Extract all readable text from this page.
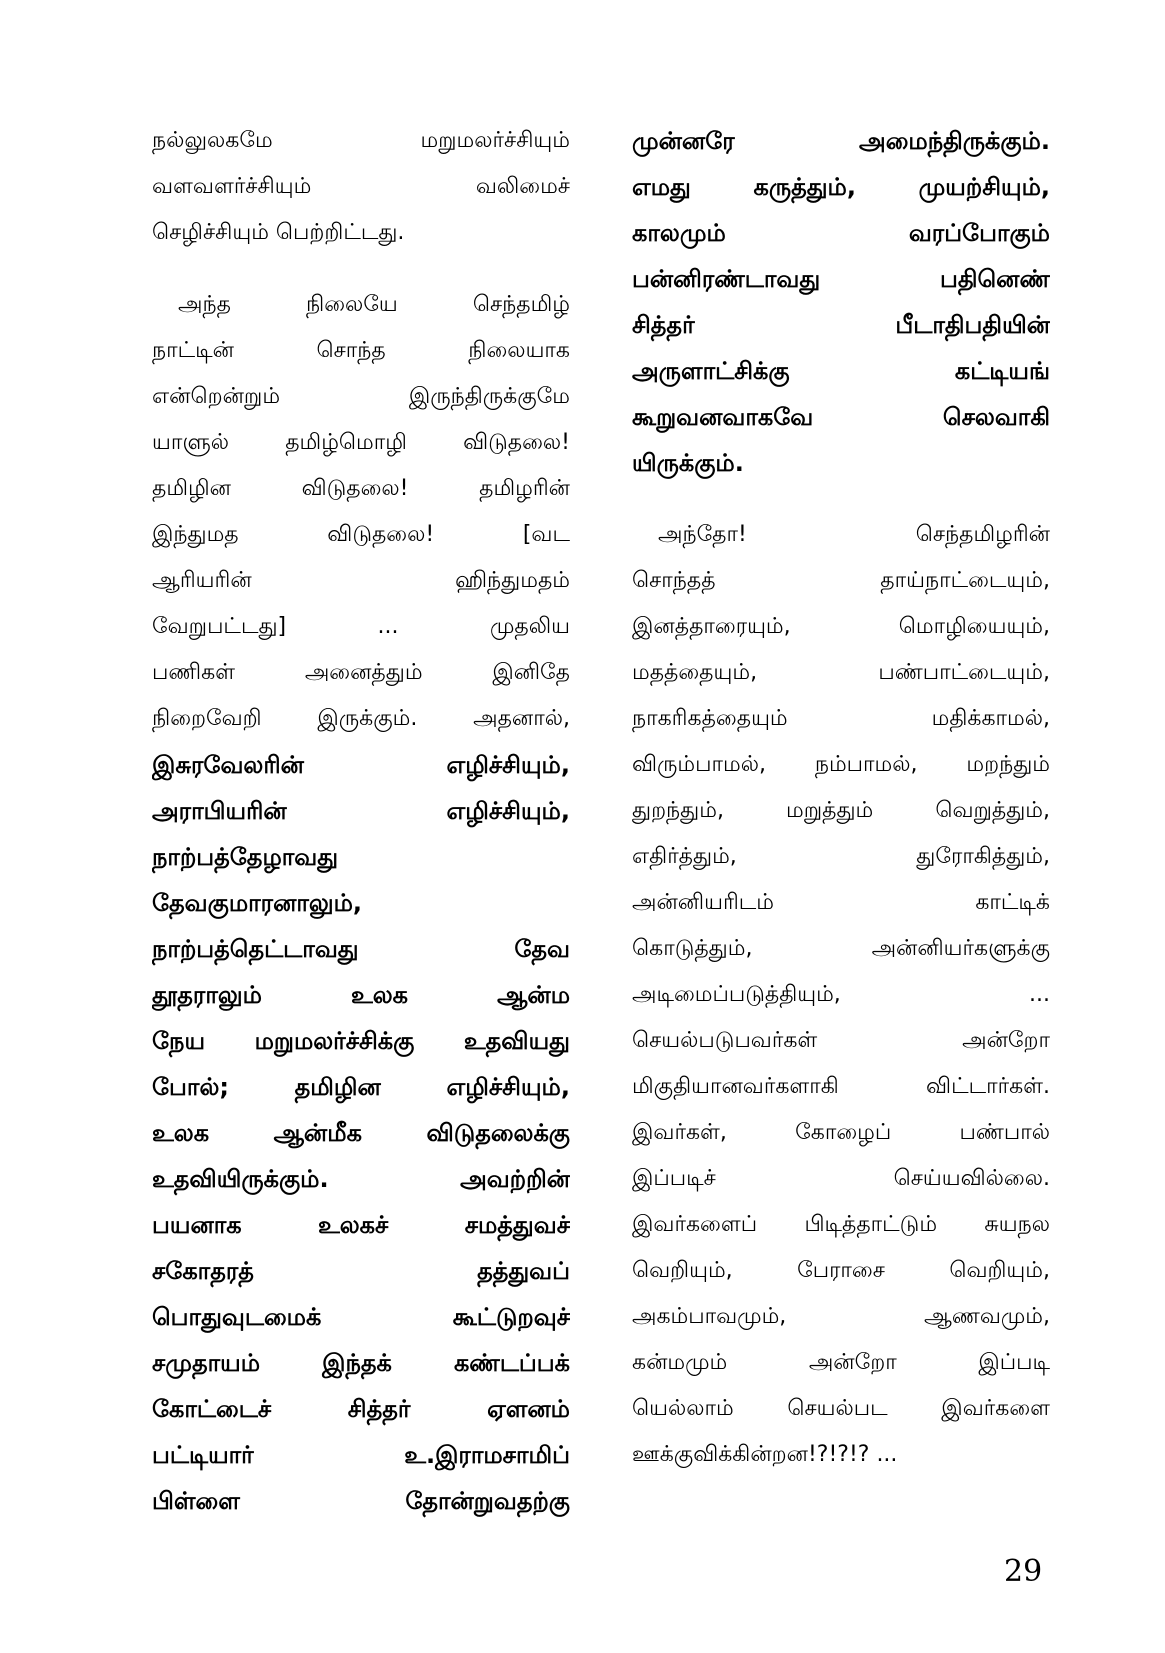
நல்லுலகமே மறுமலர்ச்சியும்
வளவளர்ச்சியும் வலிமைச்
செழிச்சியும் பெற்றிட்டது.

அந்த நிலையே செந்தமிழ்
நாட்டின் சொந்த நிலையாக
என்றென்றும் இருந்திருக்குமே
யாளுல் தமிழ்மொழி விடுதலை!
தமிழின விடுதலை! தமிழரின்
இந்துமத விடுதலை! [வட
ஆரியரின் ஹிந்துமதம்
வேறுபட்டது] ... முதலிய
பணிகள் அனைத்தும் இனிதே
நிறைவேறி இருக்கும். அதனால்,
இசுரவேலரின் எழிச்சியும்,
அராபியரின் எழிச்சியும்,
நாற்பத்தேழாவது
தேவகுமாரனாலும்,
நாற்பத்தெட்டாவது தேவ
தூதராலும் உலக ஆன்ம
நேய மறுமலர்ச்சிக்கு உதவியது
போல்; தமிழின எழிச்சியும்,
உலக ஆன்மீக விடுதலைக்கு
உதவியிருக்கும். அவற்றின்
பயனாக உலகச் சமத்துவச்
சகோதரத் தத்துவப்
பொதுவுடமைக் கூட்டுறவுச்
சமுதாயம் இந்தக் கண்டப்பக்
கோட்டைச் சித்தர் ஏளனம்
பட்டியார் உ.இராமசாமிப்
பிள்ளை தோன்றுவதற்கு

முன்னரே அமைந்திருக்கும்.
எமது கருத்தும், முயற்சியும்,
காலமும் வரப்போகும்
பன்னிரண்டாவது பதினெண்
சித்தர் பீடாதிபதியின்
அருளாட்சிக்கு கட்டியங்
கூறுவனவாகவே செலவாகி
யிருக்கும்.

அந்தோ! செந்தமிழரின்
சொந்தத் தாய்நாட்டையும்,
இனத்தாரையும், மொழியையும்,
மதத்தையும், பண்பாட்டையும்,
நாகரிகத்தையும் மதிக்காமல்,
விரும்பாமல், நம்பாமல், மறந்தும்
துறந்தும், மறுத்தும் வெறுத்தும்,
எதிர்த்தும், துரோகித்தும்,
அன்னியரிடம் காட்டிக்
கொடுத்தும், அன்னியர்களுக்கு
அடிமைப்படுத்தியும், ...
செயல்படுபவர்கள் அன்றோ
மிகுதியானவர்களாகி விட்டார்கள்.
இவர்கள், கோழைப் பண்பால்
இப்படிச் செய்யவில்லை.
இவர்களைப் பிடித்தாட்டும் சுயநல
வெறியும், பேராசை வெறியும்,
அகம்பாவமும், ஆணவமும்,
கன்மமும் அன்றோ இப்படி
யெல்லாம் செயல்பட இவர்களை
ஊக்குவிக்கின்றன!?!?!? ...

29
